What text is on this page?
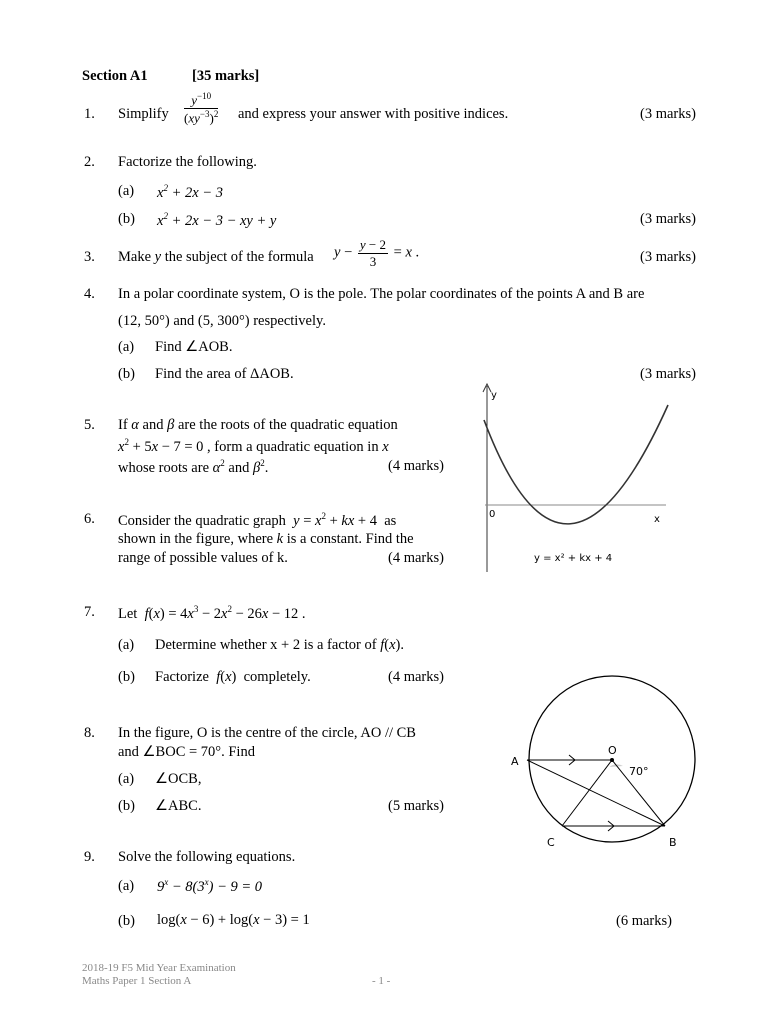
Section A1	[35 marks]
1. Simplify $\frac{y^{-10}}{(xy^{-3})^2}$ and express your answer with positive indices.	(3 marks)
2. Factorize the following.
(a) $x^2 + 2x - 3$
(b) $x^2 + 2x - 3$ − xy + y	(3 marks)
3. Make y the subject of the formula $y - \frac{y - 2}{3} = x$ .	(3 marks)
4. In a polar coordinate system, O is the pole. The polar coordinates of the points A and B are
(12, 50°) and (5, 300°) respectively.
(a) Find ∠AOB.
(b) Find the area of ΔAOB.	(3 marks)
5. If α and β are the roots of the quadratic equation
$x^2 + 5x - 7 = 0$ , form a quadratic equation in x
whose roots are $\alpha^2$ and $\beta^2$.	(4 marks)
6. Consider the quadratic graph  $y = x^2$ + kx + 4  as
shown in the figure, where k is a constant. Find the
range of possible values of k.	(4 marks)
y
0	x
y = x² + kx + 4
7. Let $f(x) = 4x^3 - 2x^2 - 26x - 12$ .
(a) Determine whether x + 2 is a factor of f(x).
(b) Factorize f(x)  completely.	(4 marks)
8. In the figure, O is the centre of the circle, AO // CB
and ∠BOC = 70°. Find
(a) ∠OCB,
(b) ∠ABC.	(5 marks)
A
O
70°
C	B
9. Solve the following equations.
(a) $9^x - 8(3^x) - 9 = 0$
(b) log(x − 6) + log(x − 3) = 1	(6 marks)
2018-19 F5 Mid Year Examination
Maths Paper 1 Section A	- 1 -
